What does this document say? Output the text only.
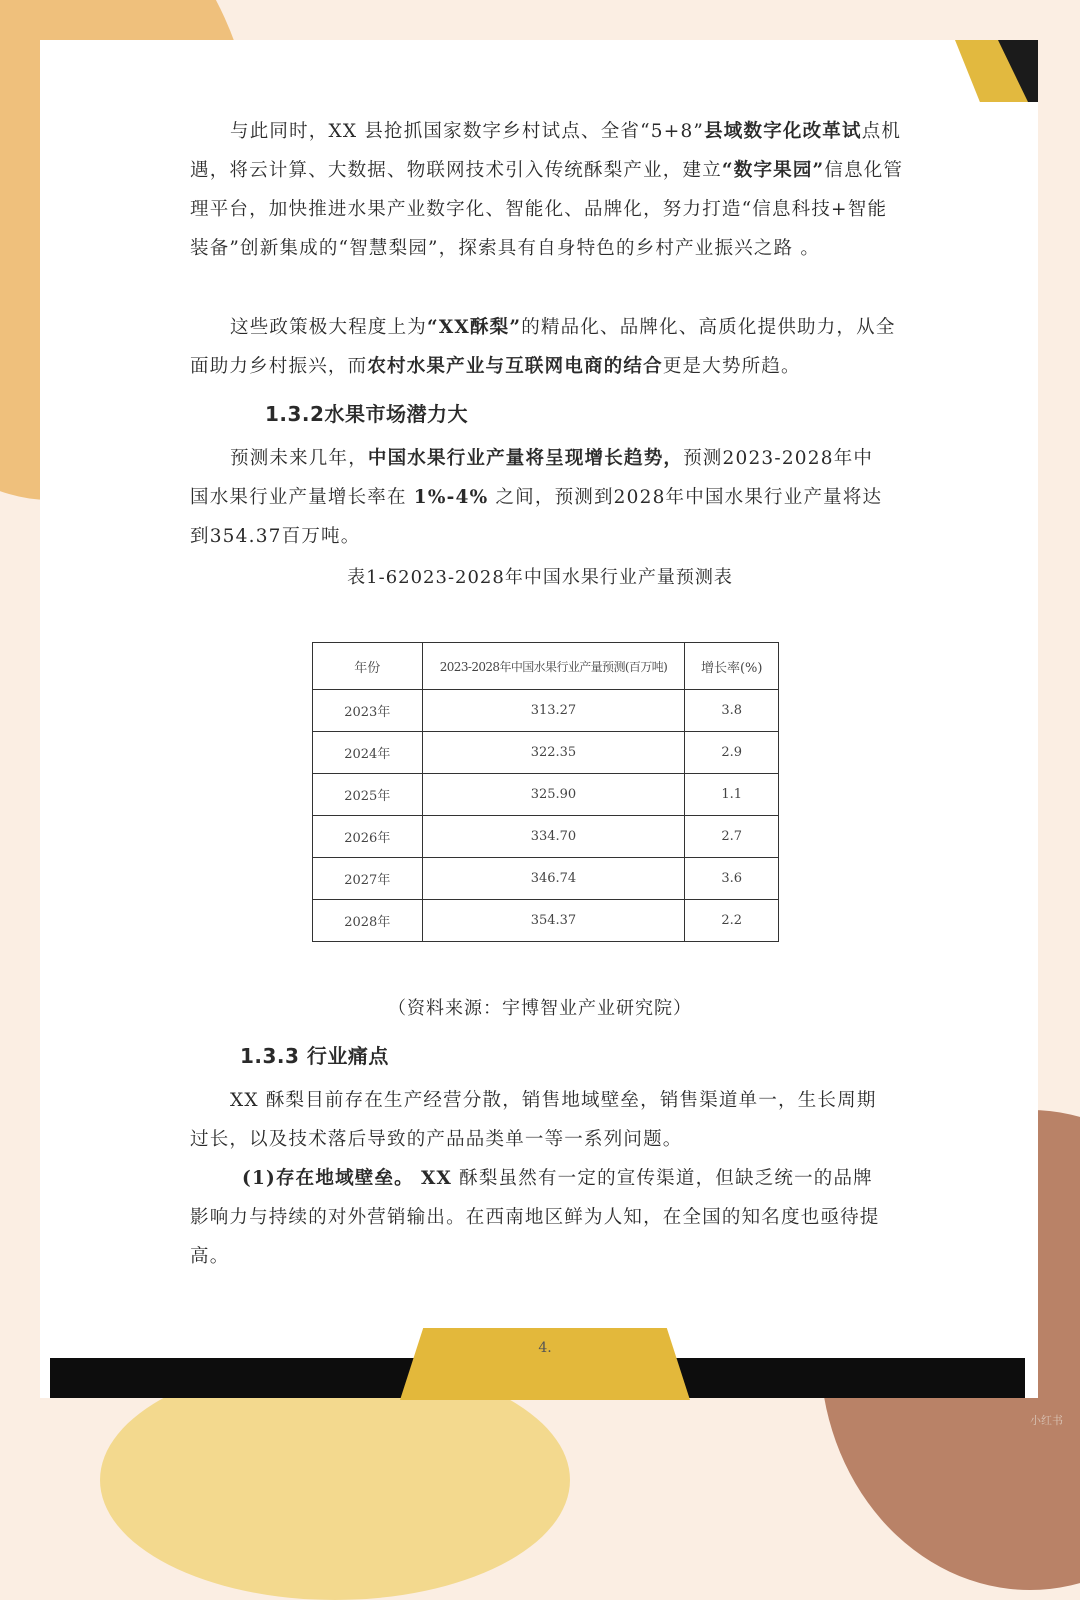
与此同时，XX 县抢抓国家数字乡村试点、全省“5+8”县域数字化改革试点机遇，将云计算、大数据、物联网技术引入传统酥梨产业，建立“数字果园”信息化管理平台，加快推进水果产业数字化、智能化、品牌化，努力打造“信息科技+智能装备”创新集成的“智慧梨园”，探索具有自身特色的乡村产业振兴之路 。

这些政策极大程度上为“XX酥梨”的精品化、品牌化、高质化提供助力，从全面助力乡村振兴，而农村水果产业与互联网电商的结合更是大势所趋。

1.3.2水果市场潜力大

预测未来几年，中国水果行业产量将呈现增长趋势，预测2023-2028年中国水果行业产量增长率在 1%-4% 之间，预测到2028年中国水果行业产量将达到354.37百万吨。

表1-62023-2028年中国水果行业产量预测表
年份	2023-2028年中国水果行业产量预测(百万吨)	增长率(%)
2023年	313.27	3.8
2024年	322.35	2.9
2025年	325.90	1.1
2026年	334.70	2.7
2027年	346.74	3.6
2028年	354.37	2.2
（资料来源：宇博智业产业研究院）
1.3.3 行业痛点

XX 酥梨目前存在生产经营分散，销售地域壁垒，销售渠道单一，生长周期过长，以及技术落后导致的产品品类单一等一系列问题。

(1)存在地域壁垒。 XX 酥梨虽然有一定的宣传渠道，但缺乏统一的品牌影响力与持续的对外营销输出。在西南地区鲜为人知，在全国的知名度也亟待提高。

4.
小红书
